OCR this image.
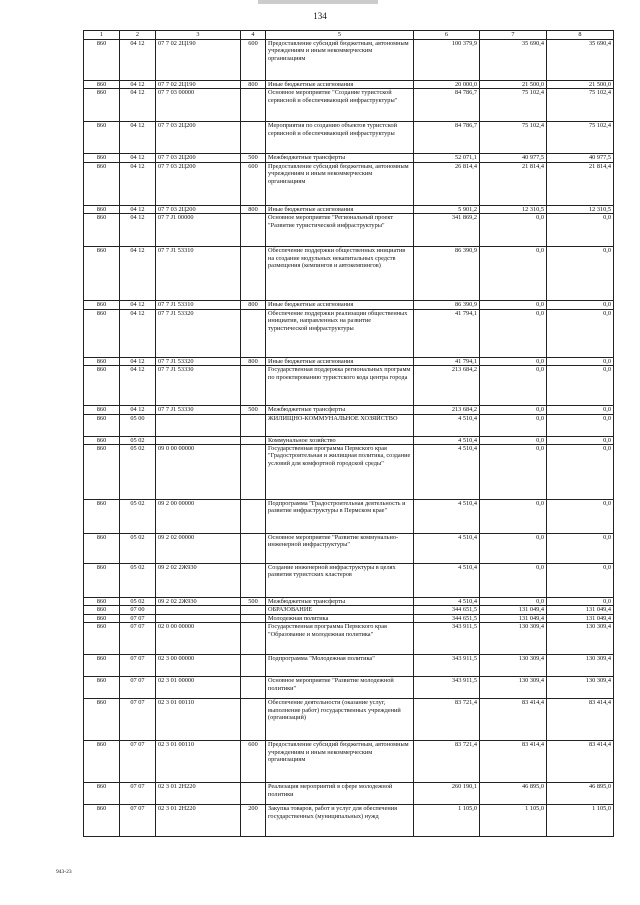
134
1	2	3	4	5	6	7	8
860	04 12	07 7 02 2Ц190	600	Предоставление субсидий бюджетным, автономным учреждениям и иным некоммерческим организациям	100 379,9	35 690,4	35 690,4
860	04 12	07 7 02 2Ц190	800	Иные бюджетные ассигнования	20 000,0	21 500,0	21 500,0
860	04 12	07 7 03 00000		Основное мероприятие "Создание туристской сервисной и обеспечивающей инфраструктуры"	84 786,7	75 102,4	75 102,4
860	04 12	07 7 03 2Ц200		Мероприятия по созданию объектов туристской сервисной и обеспечивающей инфраструктуры	84 786,7	75 102,4	75 102,4
860	04 12	07 7 03 2Ц200	500	Межбюджетные трансферты	52 071,1	40 977,5	40 977,5
860	04 12	07 7 03 2Ц200	600	Предоставление субсидий бюджетным, автономным учреждениям и иным некоммерческим организациям	26 814,4	21 814,4	21 814,4
860	04 12	07 7 03 2Ц200	800	Иные бюджетные ассигнования	5 901,2	12 310,5	12 310,5
860	04 12	07 7 J1 00000		Основное мероприятие "Региональный проект "Развитие туристической инфраструктуры"	341 869,2	0,0	0,0
860	04 12	07 7 J1 53310		Обеспечение поддержки общественных инициатив на создание модульных некапитальных средств размещения (кемпингов и автокемпингов)	86 390,9	0,0	0,0
860	04 12	07 7 J1 53310	800	Иные бюджетные ассигнования	86 390,9	0,0	0,0
860	04 12	07 7 J1 53320		Обеспечение поддержки реализации общественных инициатив, направленных на развитие туристической инфраструктуры	41 794,1	0,0	0,0
860	04 12	07 7 J1 53320	800	Иные бюджетные ассигнования	41 794,1	0,0	0,0
860	04 12	07 7 J1 53330		Государственная поддержка региональных программ по проектированию туристского кода центра города	213 684,2	0,0	0,0
860	04 12	07 7 J1 53330	500	Межбюджетные трансферты	213 684,2	0,0	0,0
860	05 00			ЖИЛИЩНО-КОММУНАЛЬНОЕ ХОЗЯЙСТВО	4 510,4	0,0	0,0
860	05 02			Коммунальное хозяйство	4 510,4	0,0	0,0
860	05 02	09 0 00 00000		Государственная программа Пермского края "Градостроительная и жилищная политика, создание условий для комфортной городской среды"	4 510,4	0,0	0,0
860	05 02	09 2 00 00000		Подпрограмма "Градостроительная деятельность и развитие инфраструктуры в Пермском крае"	4 510,4	0,0	0,0
860	05 02	09 2 02 00000		Основное мероприятие "Развитие коммунально-инженерной инфраструктуры"	4 510,4	0,0	0,0
860	05 02	09 2 02 2Ж930		Создание инженерной инфраструктуры в целях развития туристских кластеров	4 510,4	0,0	0,0
860	05 02	09 2 02 2Ж930	500	Межбюджетные трансферты	4 510,4	0,0	0,0
860	07 00			ОБРАЗОВАНИЕ	344 651,5	131 049,4	131 049,4
860	07 07			Молодежная политика	344 651,5	131 049,4	131 049,4
860	07 07	02 0 00 00000		Государственная программа Пермского края "Образование и молодежная политика"	343 911,5	130 309,4	130 309,4
860	07 07	02 3 00 00000		Подпрограмма "Молодежная политика"	343 911,5	130 309,4	130 309,4
860	07 07	02 3 01 00000		Основное мероприятие "Развитие молодежной политики"	343 911,5	130 309,4	130 309,4
860	07 07	02 3 01 00110		Обеспечение деятельности (оказание услуг, выполнение работ) государственных учреждений (организаций)	83 721,4	83 414,4	83 414,4
860	07 07	02 3 01 00110	600	Предоставление субсидий бюджетным, автономным учреждениям и иным некоммерческим организациям	83 721,4	83 414,4	83 414,4
860	07 07	02 3 01 2Н220		Реализация мероприятий в сфере молодежной политики	260 190,1	46 895,0	46 895,0
860	07 07	02 3 01 2Н220	200	Закупка товаров, работ и услуг для обеспечения государственных (муниципальных) нужд	1 105,0	1 105,0	1 105,0
943-23
